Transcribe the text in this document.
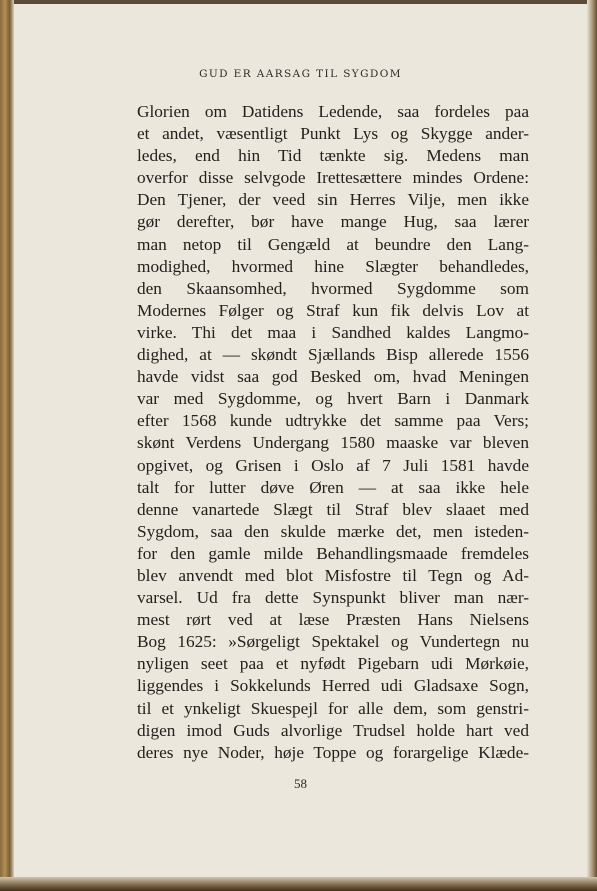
GUD ER AARSAG TIL SYGDOM
Glorien om Datidens Ledende, saa fordeles paa
et andet, væsentligt Punkt Lys og Skygge ander-
ledes, end hin Tid tænkte sig. Medens man
overfor disse selvgode Irettesættere mindes Ordene:
Den Tjener, der veed sin Herres Vilje, men ikke
gør derefter, bør have mange Hug, saa lærer
man netop til Gengæld at beundre den Lang-
modighed, hvormed hine Slægter behandledes,
den Skaansomhed, hvormed Sygdomme som
Modernes Følger og Straf kun fik delvis Lov at
virke. Thi det maa i Sandhed kaldes Langmo-
dighed, at — skøndt Sjællands Bisp allerede 1556
havde vidst saa god Besked om, hvad Meningen
var med Sygdomme, og hvert Barn i Danmark
efter 1568 kunde udtrykke det samme paa Vers;
skønt Verdens Undergang 1580 maaske var bleven
opgivet, og Grisen i Oslo af 7 Juli 1581 havde
talt for lutter døve Øren — at saa ikke hele
denne vanartede Slægt til Straf blev slaaet med
Sygdom, saa den skulde mærke det, men isteden-
for den gamle milde Behandlingsmaade fremdeles
blev anvendt med blot Misfostre til Tegn og Ad-
varsel. Ud fra dette Synspunkt bliver man nær-
mest rørt ved at læse Præsten Hans Nielsens
Bog 1625: »Sørgeligt Spektakel og Vundertegn nu
nyligen seet paa et nyfødt Pigebarn udi Mørkøie,
liggendes i Sokkelunds Herred udi Gladsaxe Sogn,
til et ynkeligt Skuespejl for alle dem, som genstri-
digen imod Guds alvorlige Trudsel holde hart ved
deres nye Noder, høje Toppe og forargelige Klæde-
58
